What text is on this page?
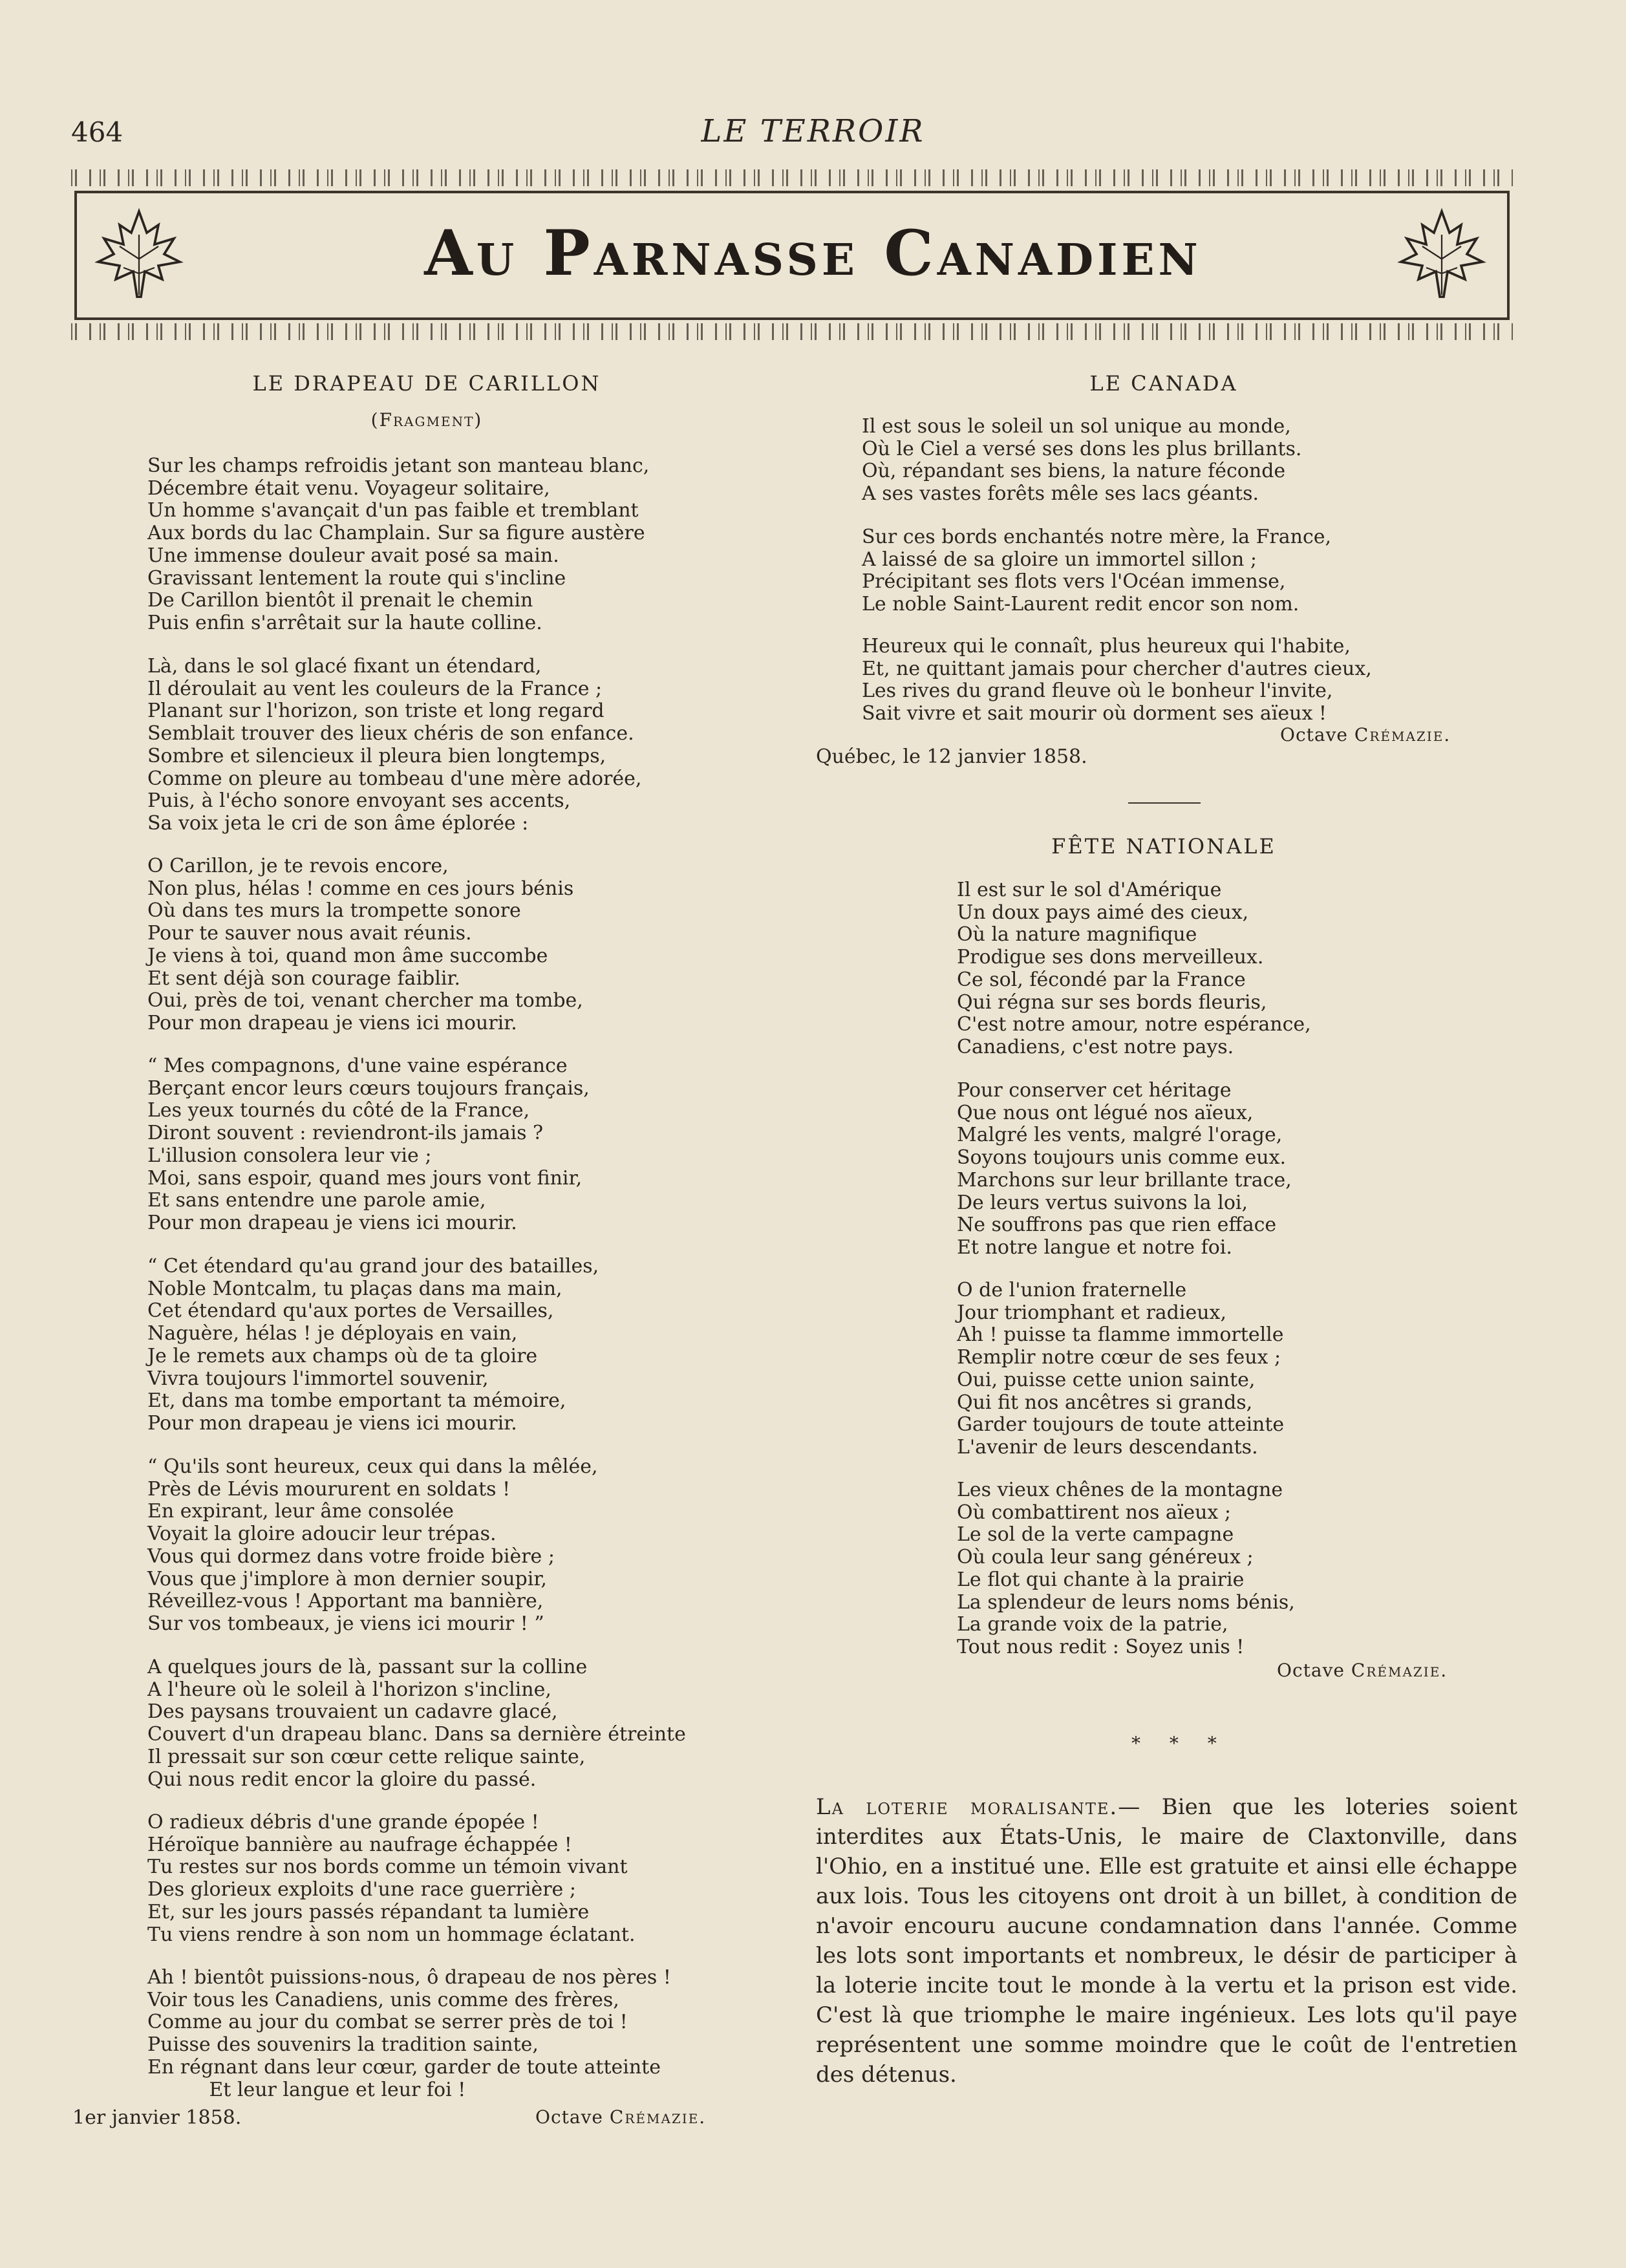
464	LE TERROIR
Au Parnasse Canadien
LE DRAPEAU DE CARILLON
(Fragment)
Sur les champs refroidis jetant son manteau blanc,
Décembre était venu. Voyageur solitaire,
Un homme s'avançait d'un pas faible et tremblant
Aux bords du lac Champlain. Sur sa figure austère
Une immense douleur avait posé sa main.
Gravissant lentement la route qui s'incline
De Carillon bientôt il prenait le chemin
Puis enfin s'arrêtait sur la haute colline.
Là, dans le sol glacé fixant un étendard,
Il déroulait au vent les couleurs de la France ;
Planant sur l'horizon, son triste et long regard
Semblait trouver des lieux chéris de son enfance.
Sombre et silencieux il pleura bien longtemps,
Comme on pleure au tombeau d'une mère adorée,
Puis, à l'écho sonore envoyant ses accents,
Sa voix jeta le cri de son âme éplorée :
O Carillon, je te revois encore,
Non plus, hélas ! comme en ces jours bénis
Où dans tes murs la trompette sonore
Pour te sauver nous avait réunis.
Je viens à toi, quand mon âme succombe
Et sent déjà son courage faiblir.
Oui, près de toi, venant chercher ma tombe,
Pour mon drapeau je viens ici mourir.
“ Mes compagnons, d'une vaine espérance
Berçant encor leurs cœurs toujours français,
Les yeux tournés du côté de la France,
Diront souvent : reviendront-ils jamais ?
L'illusion consolera leur vie ;
Moi, sans espoir, quand mes jours vont finir,
Et sans entendre une parole amie,
Pour mon drapeau je viens ici mourir.
“ Cet étendard qu'au grand jour des batailles,
Noble Montcalm, tu plaças dans ma main,
Cet étendard qu'aux portes de Versailles,
Naguère, hélas ! je déployais en vain,
Je le remets aux champs où de ta gloire
Vivra toujours l'immortel souvenir,
Et, dans ma tombe emportant ta mémoire,
Pour mon drapeau je viens ici mourir.
“ Qu'ils sont heureux, ceux qui dans la mêlée,
Près de Lévis moururent en soldats !
En expirant, leur âme consolée
Voyait la gloire adoucir leur trépas.
Vous qui dormez dans votre froide bière ;
Vous que j'implore à mon dernier soupir,
Réveillez-vous ! Apportant ma bannière,
Sur vos tombeaux, je viens ici mourir ! ”
A quelques jours de là, passant sur la colline
A l'heure où le soleil à l'horizon s'incline,
Des paysans trouvaient un cadavre glacé,
Couvert d'un drapeau blanc. Dans sa dernière étreinte
Il pressait sur son cœur cette relique sainte,
Qui nous redit encor la gloire du passé.
O radieux débris d'une grande épopée !
Héroïque bannière au naufrage échappée !
Tu restes sur nos bords comme un témoin vivant
Des glorieux exploits d'une race guerrière ;
Et, sur les jours passés répandant ta lumière
Tu viens rendre à son nom un hommage éclatant.
Ah ! bientôt puissions-nous, ô drapeau de nos pères !
Voir tous les Canadiens, unis comme des frères,
Comme au jour du combat se serrer près de toi !
Puisse des souvenirs la tradition sainte,
En régnant dans leur cœur, garder de toute atteinte
Et leur langue et leur foi !
1er janvier 1858.	Octave Crémazie.
LE CANADA
Il est sous le soleil un sol unique au monde,
Où le Ciel a versé ses dons les plus brillants.
Où, répandant ses biens, la nature féconde
A ses vastes forêts mêle ses lacs géants.
Sur ces bords enchantés notre mère, la France,
A laissé de sa gloire un immortel sillon ;
Précipitant ses flots vers l'Océan immense,
Le noble Saint-Laurent redit encor son nom.
Heureux qui le connaît, plus heureux qui l'habite,
Et, ne quittant jamais pour chercher d'autres cieux,
Les rives du grand fleuve où le bonheur l'invite,
Sait vivre et sait mourir où dorment ses aïeux !
Octave Crémazie.
Québec, le 12 janvier 1858.
FÊTE NATIONALE
Il est sur le sol d'Amérique
Un doux pays aimé des cieux,
Où la nature magnifique
Prodigue ses dons merveilleux.
Ce sol, fécondé par la France
Qui régna sur ses bords fleuris,
C'est notre amour, notre espérance,
Canadiens, c'est notre pays.
Pour conserver cet héritage
Que nous ont légué nos aïeux,
Malgré les vents, malgré l'orage,
Soyons toujours unis comme eux.
Marchons sur leur brillante trace,
De leurs vertus suivons la loi,
Ne souffrons pas que rien efface
Et notre langue et notre foi.
O de l'union fraternelle
Jour triomphant et radieux,
Ah ! puisse ta flamme immortelle
Remplir notre cœur de ses feux ;
Oui, puisse cette union sainte,
Qui fit nos ancêtres si grands,
Garder toujours de toute atteinte
L'avenir de leurs descendants.
Les vieux chênes de la montagne
Où combattirent nos aïeux ;
Le sol de la verte campagne
Où coula leur sang généreux ;
Le flot qui chante à la prairie
La splendeur de leurs noms bénis,
La grande voix de la patrie,
Tout nous redit : Soyez unis !
Octave Crémazie.
* * *
La loterie moralisante.— Bien que les loteries soient interdites aux États-Unis, le maire de Claxtonville, dans l'Ohio, en a institué une. Elle est gratuite et ainsi elle échappe aux lois. Tous les citoyens ont droit à un billet, à condition de n'avoir encouru aucune condamnation dans l'année. Comme les lots sont importants et nombreux, le désir de participer à la loterie incite tout le monde à la vertu et la prison est vide. C'est là que triomphe le maire ingénieux. Les lots qu'il paye représentent une somme moindre que le coût de l'entretien des détenus.
